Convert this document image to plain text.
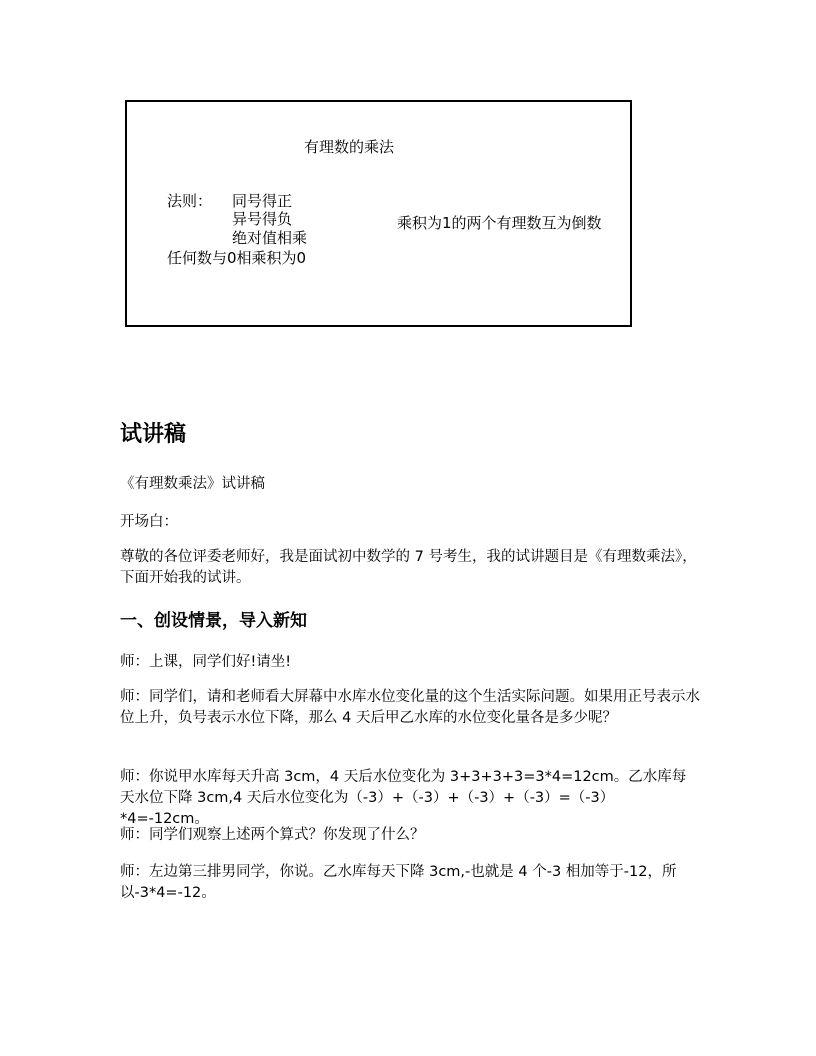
有理数的乘法
法则： 同号得正
异号得负
绝对值相乘
任何数与0相乘积为0
乘积为1的两个有理数互为倒数
试讲稿
《有理数乘法》试讲稿
开场白：

尊敬的各位评委老师好，我是面试初中数学的 7 号考生，我的试讲题目是《有理数乘法》，下面开始我的试讲。

一、创设情景，导入新知

师：上课，同学们好!请坐!

师：同学们，请和老师看大屏幕中水库水位变化量的这个生活实际问题。如果用正号表示水位上升，负号表示水位下降，那么 4 天后甲乙水库的水位变化量各是多少呢？

师：你说甲水库每天升高 3cm，4 天后水位变化为 3+3+3+3=3*4=12cm。乙水库每天水位下降 3cm,4 天后水位变化为（-3）+（-3）+（-3）+（-3）=（-3）*4=-12cm。

师：同学们观察上述两个算式？你发现了什么？

师：左边第三排男同学，你说。乙水库每天下降 3cm,-也就是 4 个-3 相加等于-12，所以-3*4=-12。
